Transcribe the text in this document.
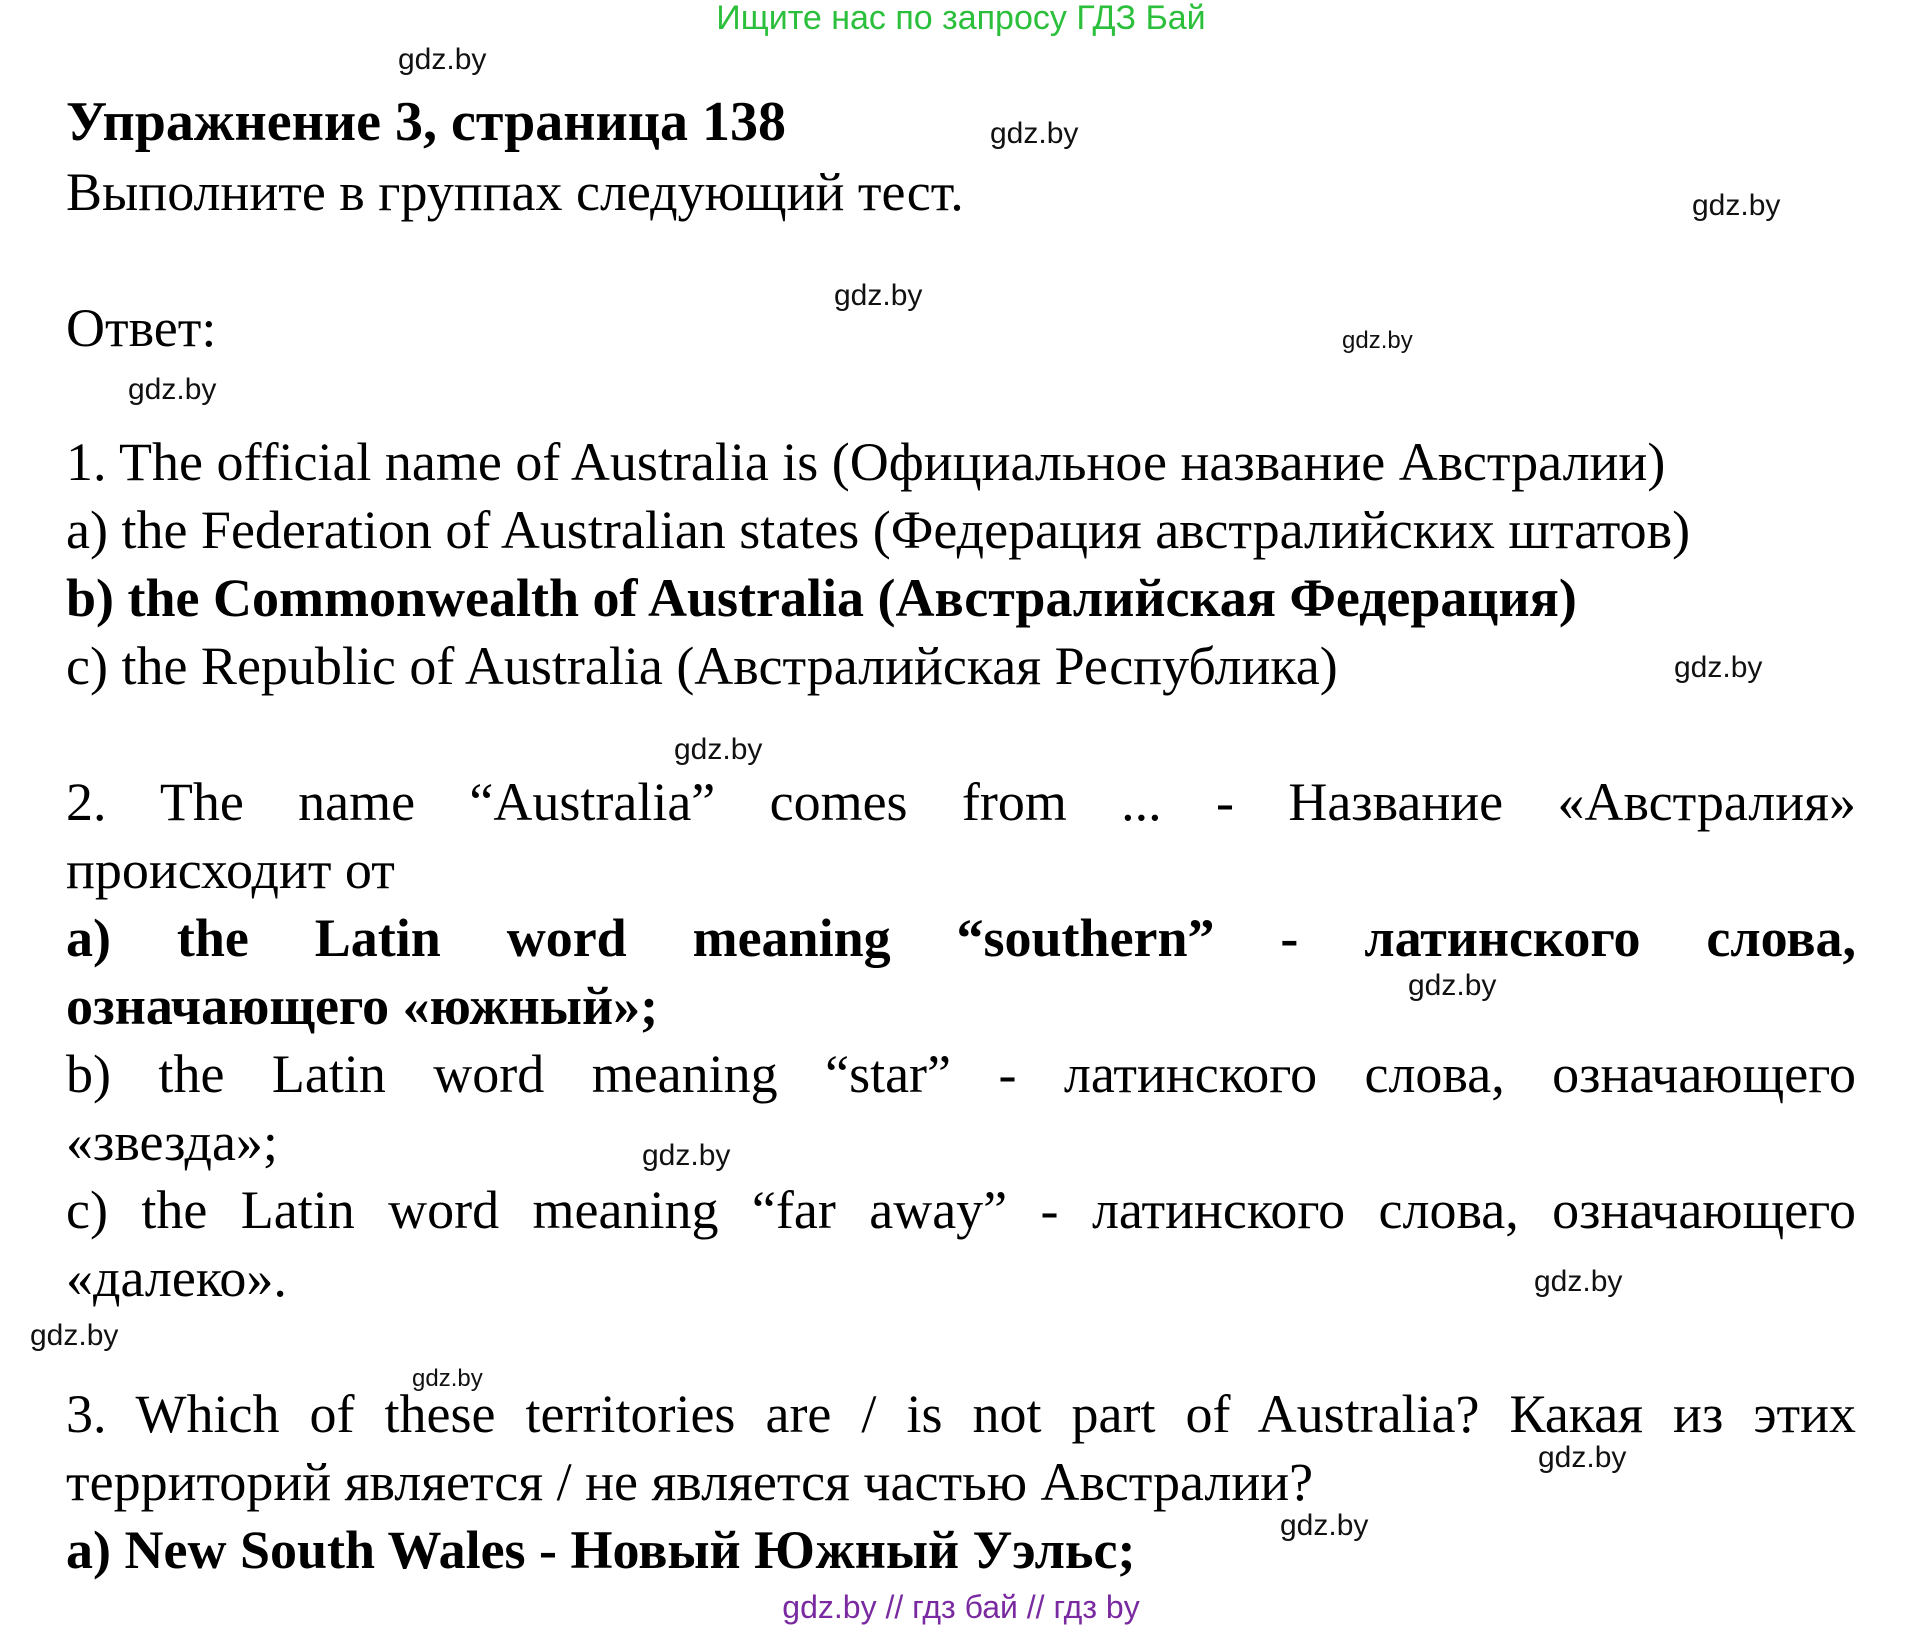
Ищите нас по запросу ГДЗ Бай
gdz.by
gdz.by
gdz.by
gdz.by
gdz.by
gdz.by
gdz.by
gdz.by
gdz.by
gdz.by
gdz.by
gdz.by
gdz.by
gdz.by
gdz.by
Упражнение 3, страница 138
Выполните в группах следующий тест.
Ответ:
1. The official name of Australia is (Официальное название Австралии)
a) the Federation of Australian states (Федерация австралийских штатов)
b) the Commonwealth of Australia (Австралийская Федерация)
c) the Republic of Australia (Австралийская Республика)
2. The name “Australia” comes from ... - Название «Австралия»
происходит от
a) the Latin word meaning “southern” - латинского слова,
означающего «южный»;
b) the Latin word meaning “star” - латинского слова, означающего
«звезда»;
c) the Latin word meaning “far away” - латинского слова, означающего
«далеко».
3. Which of these territories are / is not part of Australia? Какая из этих
территорий является / не является частью Австралии?
a) New South Wales - Новый Южный Уэльс;
gdz.by // гдз бай // гдз by
